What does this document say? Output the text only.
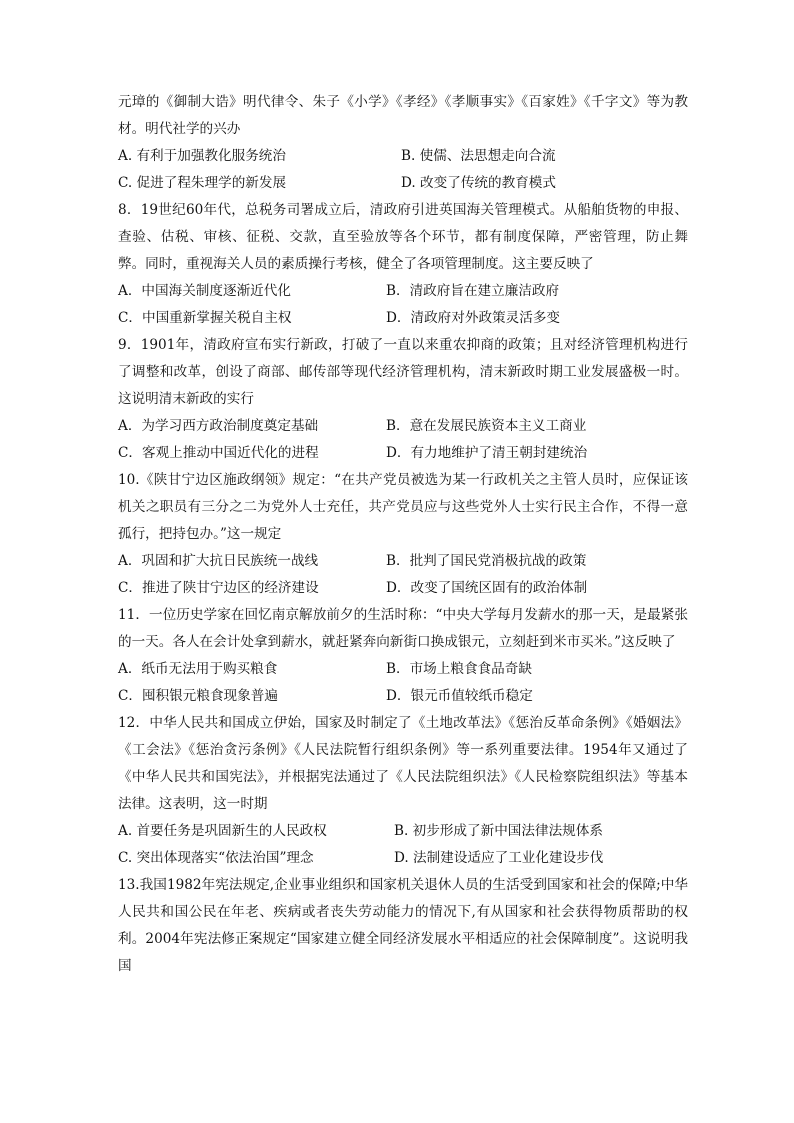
元璋的《御制大诰》明代律令、朱子《小学》《孝经》《孝顺事实》《百家姓》《千字文》等为教材。明代社学的兴办

A. 有利于加强教化服务统治	B. 使儒、法思想走向合流
C. 促进了程朱理学的新发展	D. 改变了传统的教育模式

8．19世纪60年代，总税务司署成立后，清政府引进英国海关管理模式。从船舶货物的申报、查验、估税、审核、征税、交款，直至验放等各个环节，都有制度保障，严密管理，防止舞弊。同时，重视海关人员的素质操行考核，健全了各项管理制度。这主要反映了

A．中国海关制度逐渐近代化	B．清政府旨在建立廉洁政府
C．中国重新掌握关税自主权	D．清政府对外政策灵活多变

9．1901年，清政府宣布实行新政，打破了一直以来重农抑商的政策；且对经济管理机构进行了调整和改革，创设了商部、邮传部等现代经济管理机构，清末新政时期工业发展盛极一时。这说明清末新政的实行

A．为学习西方政治制度奠定基础	B．意在发展民族资本主义工商业
C．客观上推动中国近代化的进程	D．有力地维护了清王朝封建统治

10.《陕甘宁边区施政纲领》规定：“在共产党员被选为某一行政机关之主管人员时，应保证该机关之职员有三分之二为党外人士充任，共产党员应与这些党外人士实行民主合作，不得一意孤行，把持包办。”这一规定

A．巩固和扩大抗日民族统一战线	B．批判了国民党消极抗战的政策
C．推进了陕甘宁边区的经济建设	D．改变了国统区固有的政治体制

11．一位历史学家在回忆南京解放前夕的生活时称：“中央大学每月发薪水的那一天，是最紧张的一天。各人在会计处拿到薪水，就赶紧奔向新街口换成银元，立刻赶到米市买米。”这反映了

A．纸币无法用于购买粮食	B．市场上粮食食品奇缺
C．囤积银元粮食现象普遍	D．银元币值较纸币稳定

12．中华人民共和国成立伊始，国家及时制定了《土地改革法》《惩治反革命条例》《婚姻法》《工会法》《惩治贪污条例》《人民法院暂行组织条例》等一系列重要法律。1954年又通过了《中华人民共和国宪法》，并根据宪法通过了《人民法院组织法》《人民检察院组织法》等基本法律。这表明，这一时期

A. 首要任务是巩固新生的人民政权	B. 初步形成了新中国法律法规体系
C. 突出体现落实“依法治国”理念	D. 法制建设适应了工业化建设步伐

13.我国1982年宪法规定,企业事业组织和国家机关退休人员的生活受到国家和社会的保障;中华人民共和国公民在年老、疾病或者丧失劳动能力的情况下,有从国家和社会获得物质帮助的权利。2004年宪法修正案规定“国家建立健全同经济发展水平相适应的社会保障制度”。这说明我国
